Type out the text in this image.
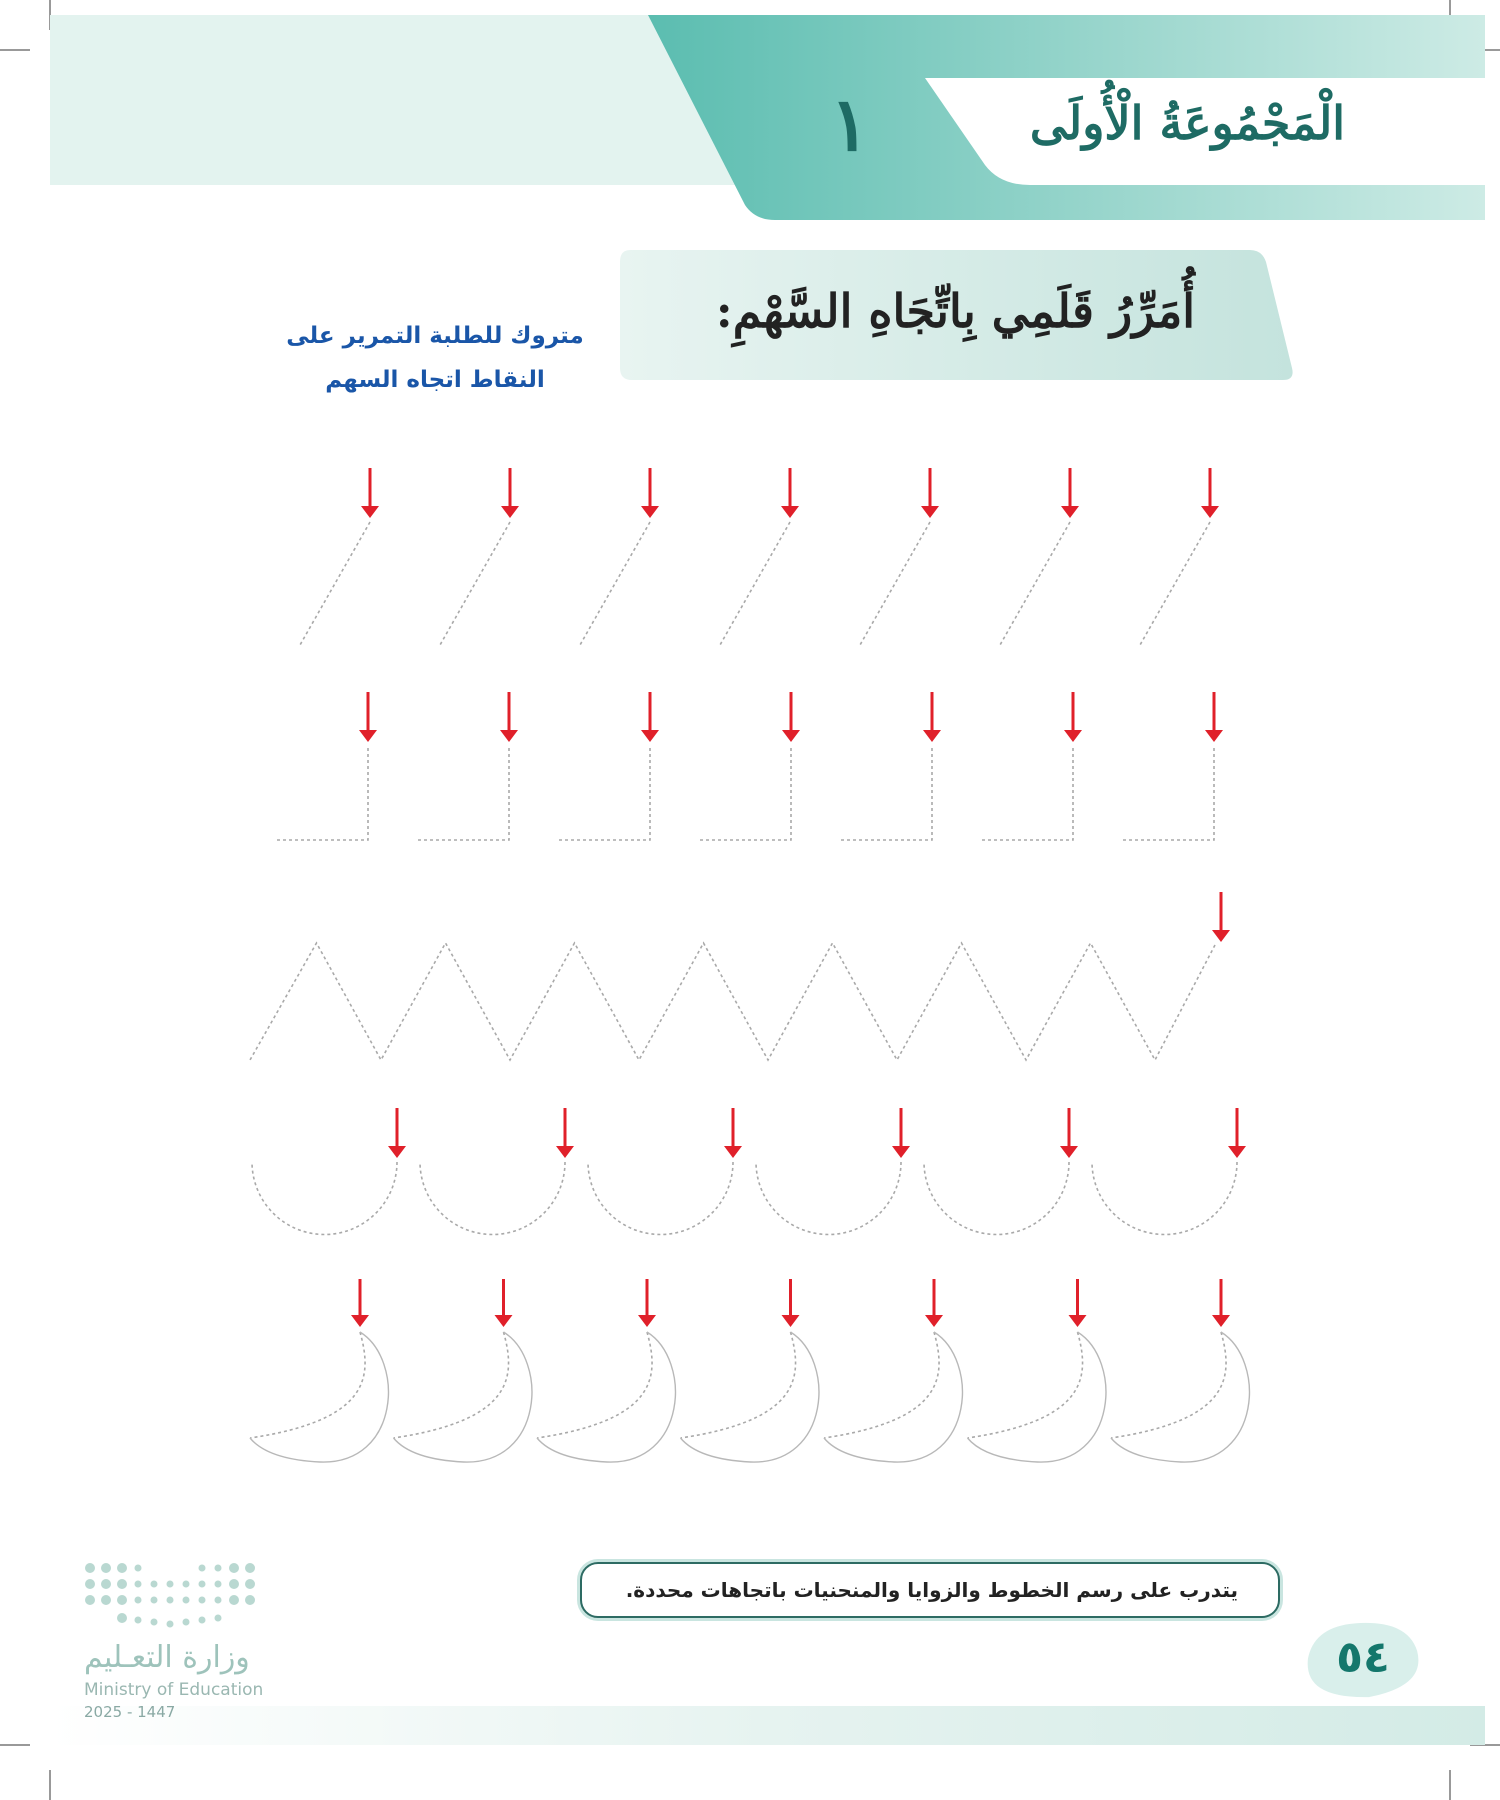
الْمَجْمُوعَةُ الْأُولَى
١
أُمَرِّرُ قَلَمِي بِاتِّجَاهِ السَّهْمِ:
متروك للطلبة التمرير على النقاط اتجاه السهم
يتدرب على رسم الخطوط والزوايا والمنحنيات باتجاهات محددة.
٥٤
وزارة التعـليم
Ministry of Education
2025 - 1447
